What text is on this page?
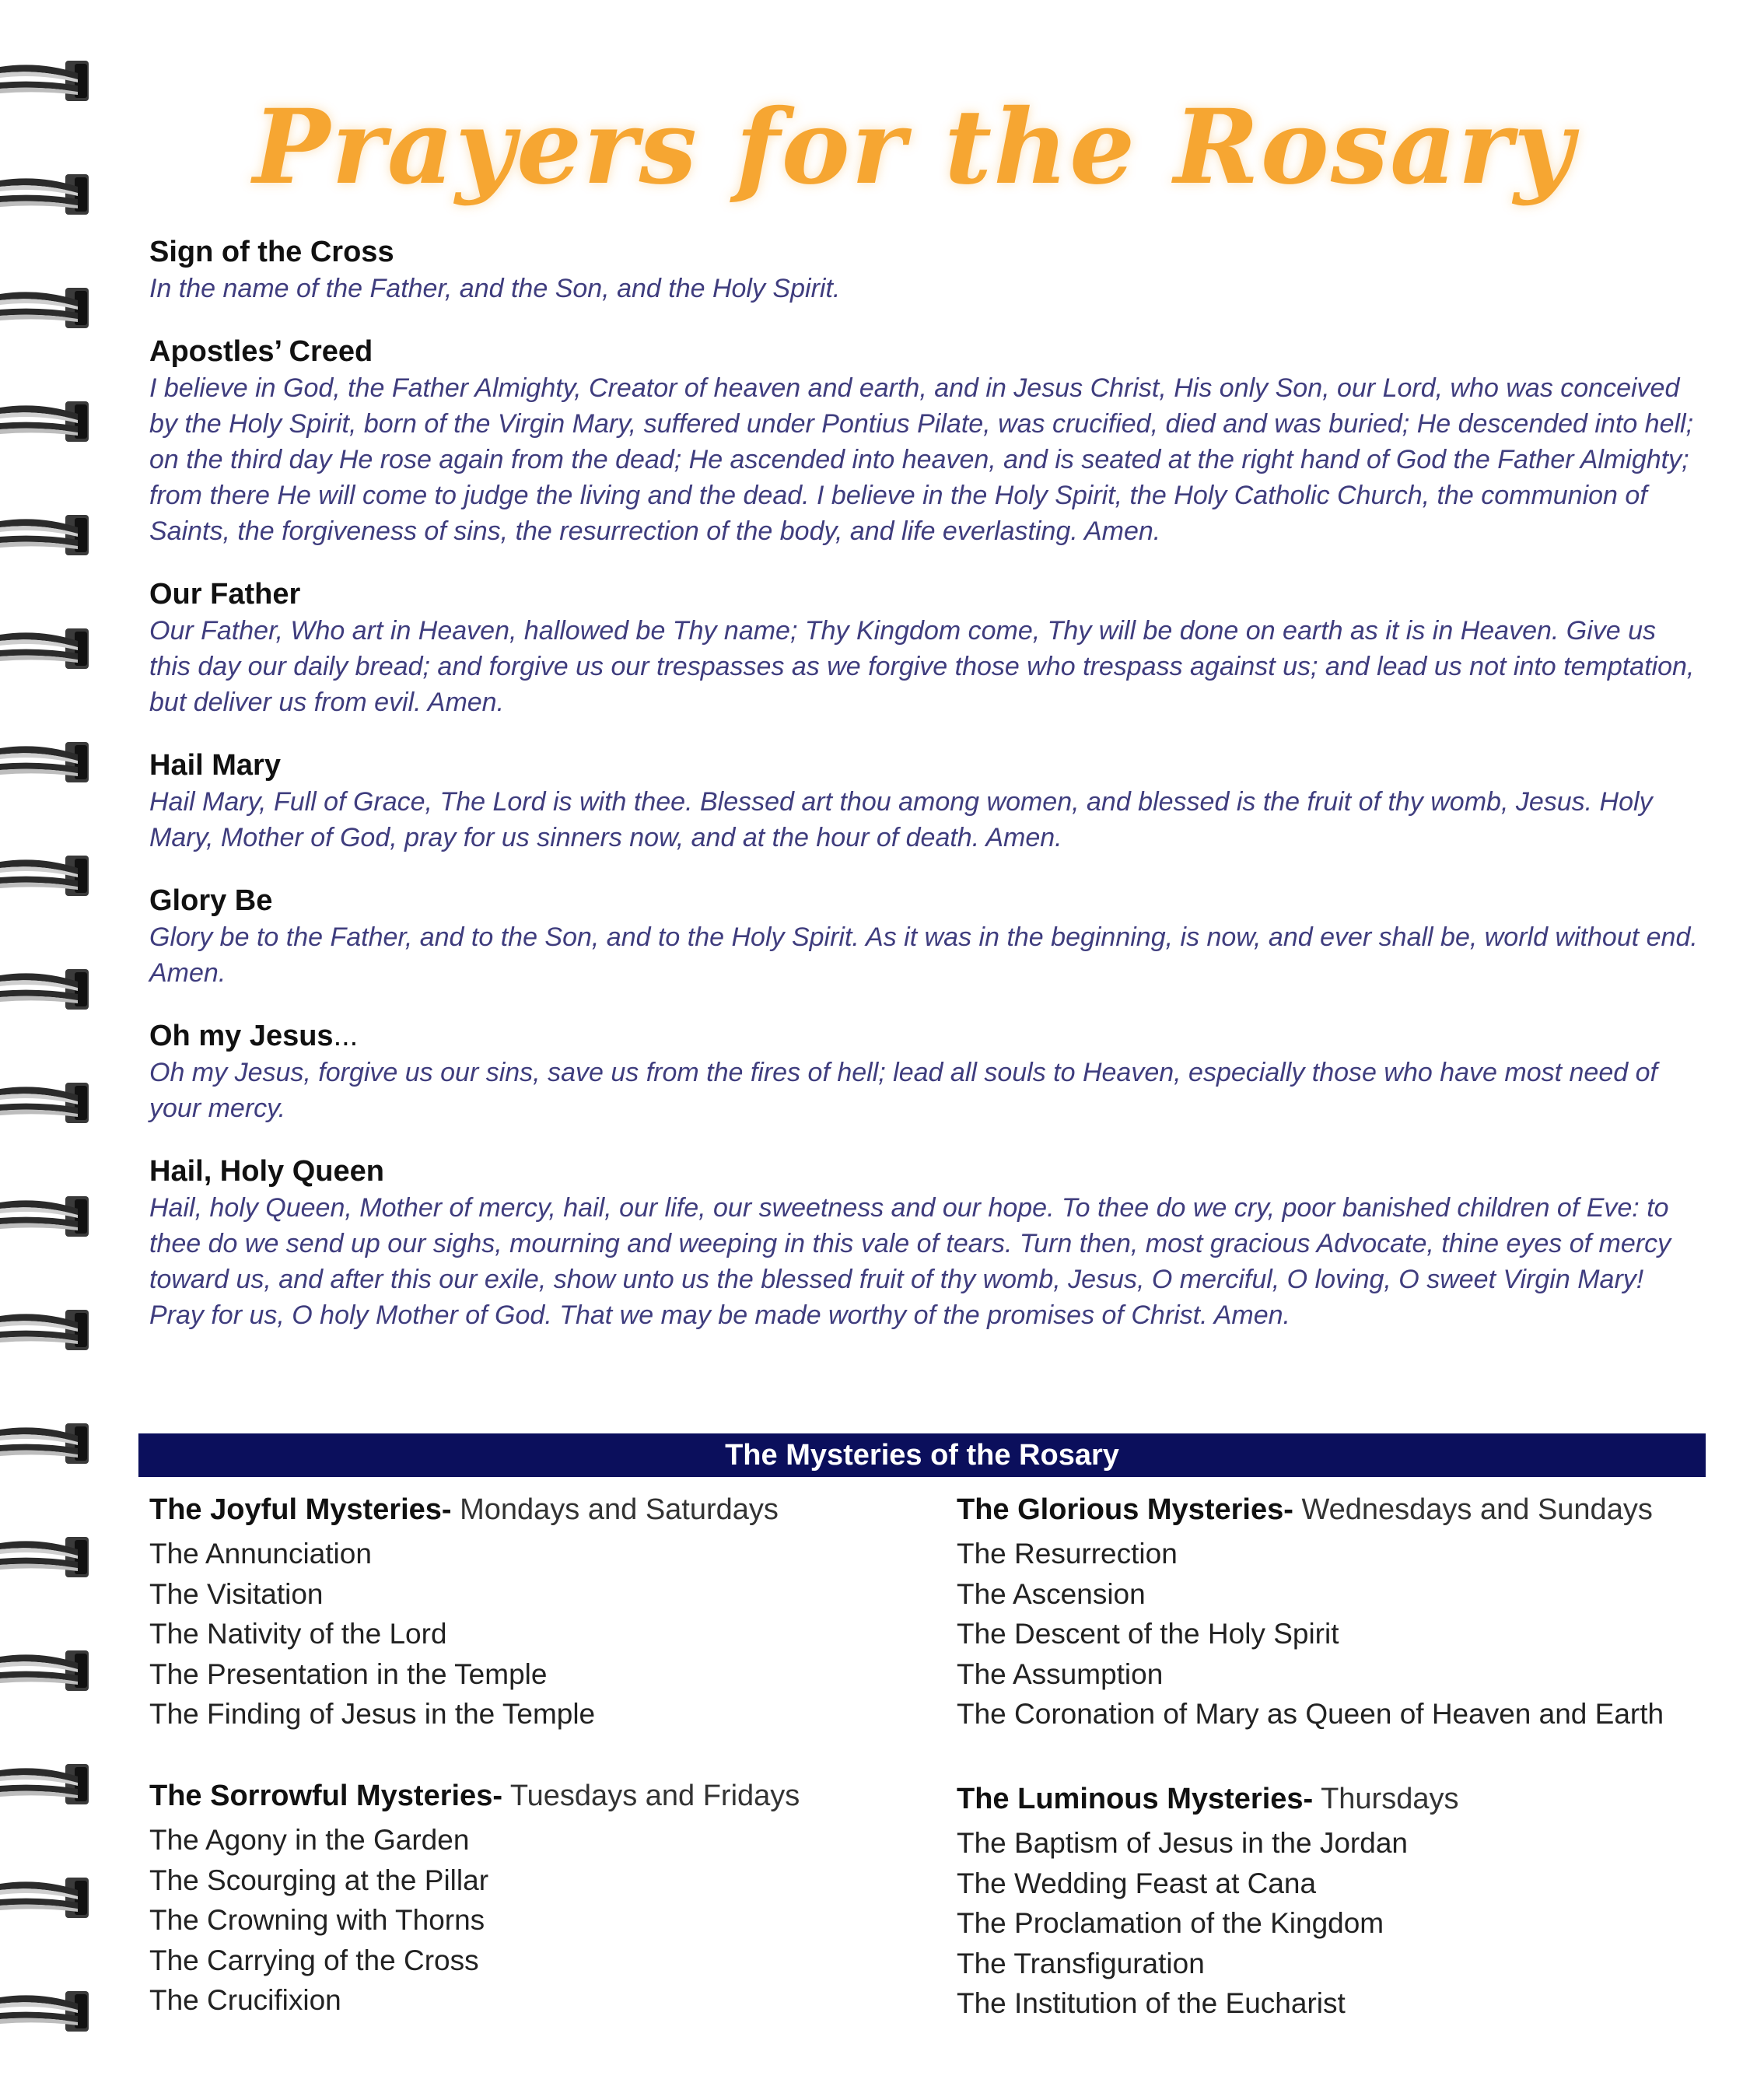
Prayers for the Rosary
Sign of the Cross
In the name of the Father, and the Son, and the Holy Spirit.
Apostles’ Creed
I believe in God, the Father Almighty, Creator of heaven and earth, and in Jesus Christ, His only Son, our Lord, who was conceived by the Holy Spirit, born of the Virgin Mary, suffered under Pontius Pilate, was crucified, died and was buried; He descended into hell; on the third day He rose again from the dead; He ascended into heaven, and is seated at the right hand of God the Father Almighty; from there He will come to judge the living and the dead. I believe in the Holy Spirit, the Holy Catholic Church, the communion of Saints, the forgiveness of sins, the resurrection of the body, and life everlasting. Amen.
Our Father
Our Father, Who art in Heaven, hallowed be Thy name; Thy Kingdom come, Thy will be done on earth as it is in Heaven. Give us this day our daily bread; and forgive us our trespasses as we forgive those who trespass against us; and lead us not into temptation, but deliver us from evil. Amen.
Hail Mary
Hail Mary, Full of Grace, The Lord is with thee. Blessed art thou among women, and blessed is the fruit of thy womb, Jesus. Holy Mary, Mother of God, pray for us sinners now, and at the hour of death. Amen.
Glory Be
Glory be to the Father, and to the Son, and to the Holy Spirit. As it was in the beginning, is now, and ever shall be, world without end. Amen.
Oh my Jesus...
Oh my Jesus, forgive us our sins, save us from the fires of hell; lead all souls to Heaven, especially those who have most need of your mercy.
Hail, Holy Queen
Hail, holy Queen, Mother of mercy, hail, our life, our sweetness and our hope. To thee do we cry, poor banished children of Eve: to thee do we send up our sighs, mourning and weeping in this vale of tears. Turn then, most gracious Advocate, thine eyes of mercy toward us, and after this our exile, show unto us the blessed fruit of thy womb, Jesus, O merciful, O loving, O sweet Virgin Mary! Pray for us, O holy Mother of God. That we may be made worthy of the promises of Christ. Amen.
The Mysteries of the Rosary
The Joyful Mysteries- Mondays and Saturdays
The Annunciation
The Visitation
The Nativity of the Lord
The Presentation in the Temple
The Finding of Jesus in the Temple
The Glorious Mysteries- Wednesdays and Sundays
The Resurrection
The Ascension
The Descent of the Holy Spirit
The Assumption
The Coronation of Mary as Queen of Heaven and Earth
The Sorrowful Mysteries- Tuesdays and Fridays
The Agony in the Garden
The Scourging at the Pillar
The Crowning with Thorns
The Carrying of the Cross
The Crucifixion
The Luminous Mysteries- Thursdays
The Baptism of Jesus in the Jordan
The Wedding Feast at Cana
The Proclamation of the Kingdom
The Transfiguration
The Institution of the Eucharist
